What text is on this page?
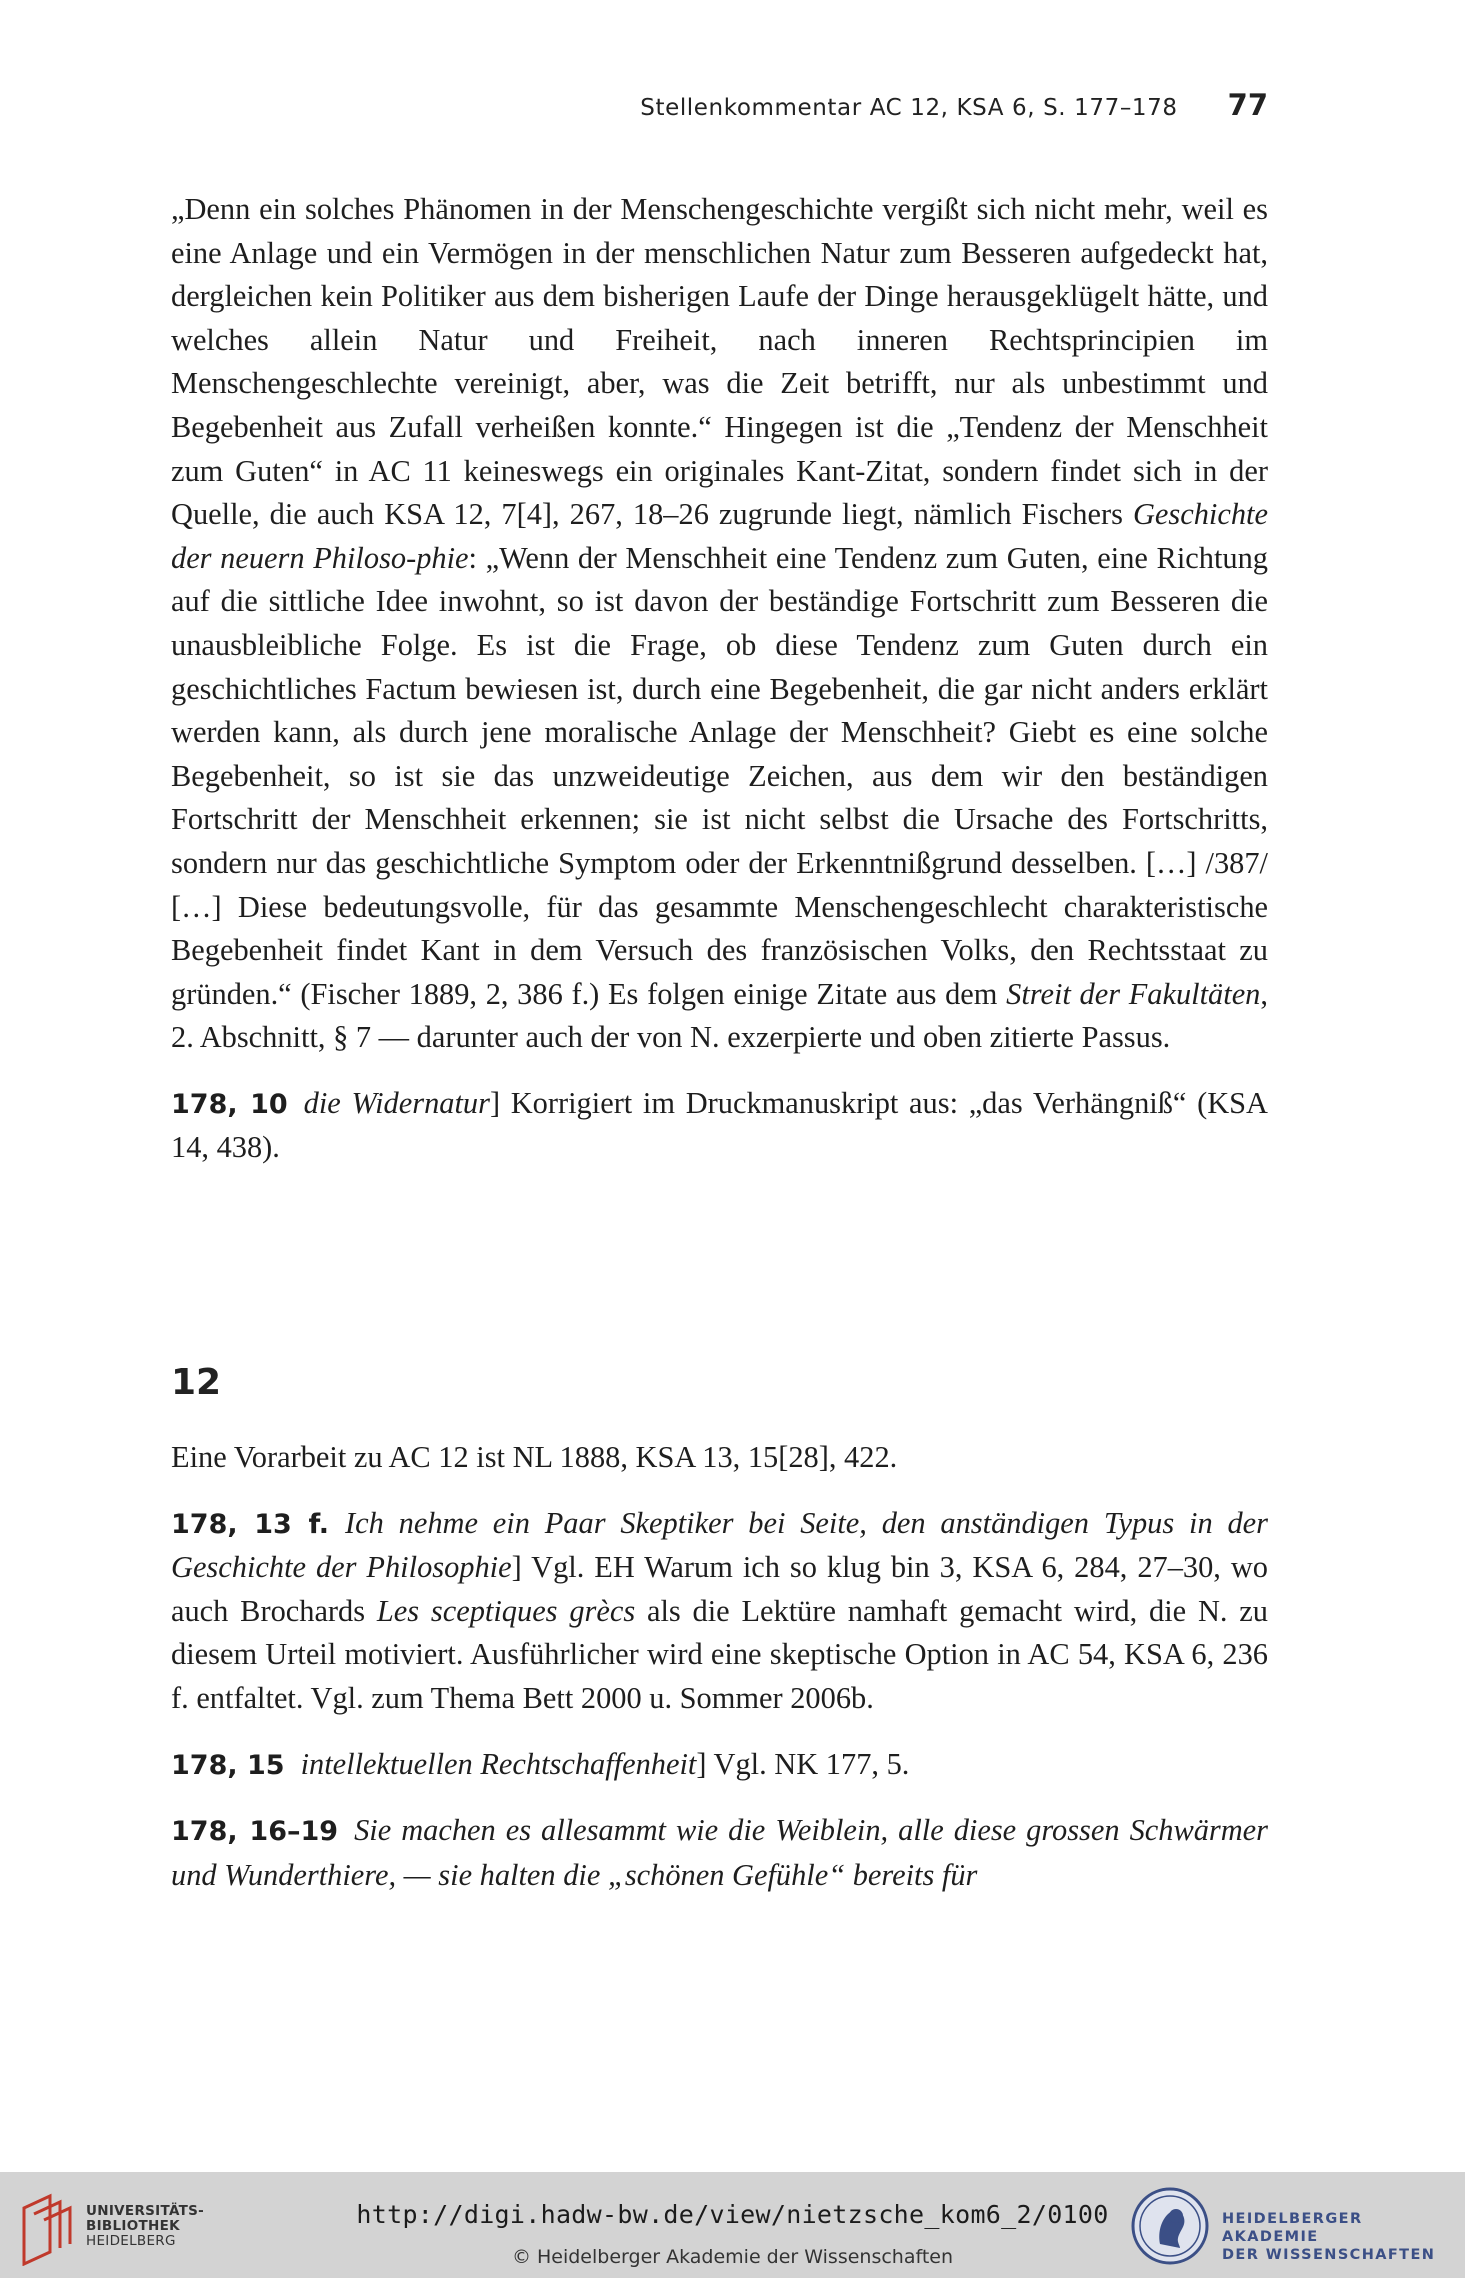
Stellenkommentar AC 12, KSA 6, S. 177–178 77

„Denn ein solches Phänomen in der Menschengeschichte vergißt sich nicht mehr, weil es eine Anlage und ein Vermögen in der menschlichen Natur zum Besseren aufgedeckt hat, dergleichen kein Politiker aus dem bisherigen Laufe der Dinge herausgeklügelt hätte, und welches allein Natur und Freiheit, nach inneren Rechtsprincipien im Menschengeschlechte vereinigt, aber, was die Zeit betrifft, nur als unbestimmt und Begebenheit aus Zufall verheißen konnte.“ Hingegen ist die „Tendenz der Menschheit zum Guten“ in AC 11 keineswegs ein originales Kant-Zitat, sondern findet sich in der Quelle, die auch KSA 12, 7[4], 267, 18–26 zugrunde liegt, nämlich Fischers Geschichte der neuern Philoso-phie: „Wenn der Menschheit eine Tendenz zum Guten, eine Richtung auf die sittliche Idee inwohnt, so ist davon der beständige Fortschritt zum Besseren die unausbleibliche Folge. Es ist die Frage, ob diese Tendenz zum Guten durch ein geschichtliches Factum bewiesen ist, durch eine Begebenheit, die gar nicht anders erklärt werden kann, als durch jene moralische Anlage der Menschheit? Giebt es eine solche Begebenheit, so ist sie das unzweideutige Zeichen, aus dem wir den beständigen Fortschritt der Menschheit erkennen; sie ist nicht selbst die Ursache des Fortschritts, sondern nur das geschichtliche Symptom oder der Erkenntnißgrund desselben. […] /387/ […] Diese bedeutungsvolle, für das gesammte Menschengeschlecht charakteristische Begebenheit findet Kant in dem Versuch des französischen Volks, den Rechtsstaat zu gründen.“ (Fischer 1889, 2, 386 f.) Es folgen einige Zitate aus dem Streit der Fakultäten, 2. Abschnitt, § 7 — darunter auch der von N. exzerpierte und oben zitierte Passus.

178, 10 die Widernatur] Korrigiert im Druckmanuskript aus: „das Verhängniß“ (KSA 14, 438).

12

Eine Vorarbeit zu AC 12 ist NL 1888, KSA 13, 15[28], 422.

178, 13 f. Ich nehme ein Paar Skeptiker bei Seite, den anständigen Typus in der Geschichte der Philosophie] Vgl. EH Warum ich so klug bin 3, KSA 6, 284, 27–30, wo auch Brochards Les sceptiques grècs als die Lektüre namhaft gemacht wird, die N. zu diesem Urteil motiviert. Ausführlicher wird eine skeptische Option in AC 54, KSA 6, 236 f. entfaltet. Vgl. zum Thema Bett 2000 u. Sommer 2006b.

178, 15 intellektuellen Rechtschaffenheit] Vgl. NK 177, 5.

178, 16–19 Sie machen es allesammt wie die Weiblein, alle diese grossen Schwärmer und Wunderthiere, — sie halten die „schönen Gefühle“ bereits für

UNIVERSITÄTS-
BIBLIOTHEK
HEIDELBERG
http://digi.hadw-bw.de/view/nietzsche_kom6_2/0100
© Heidelberger Akademie der Wissenschaften
HEIDELBERGER AKADEMIE
DER WISSENSCHAFTEN
